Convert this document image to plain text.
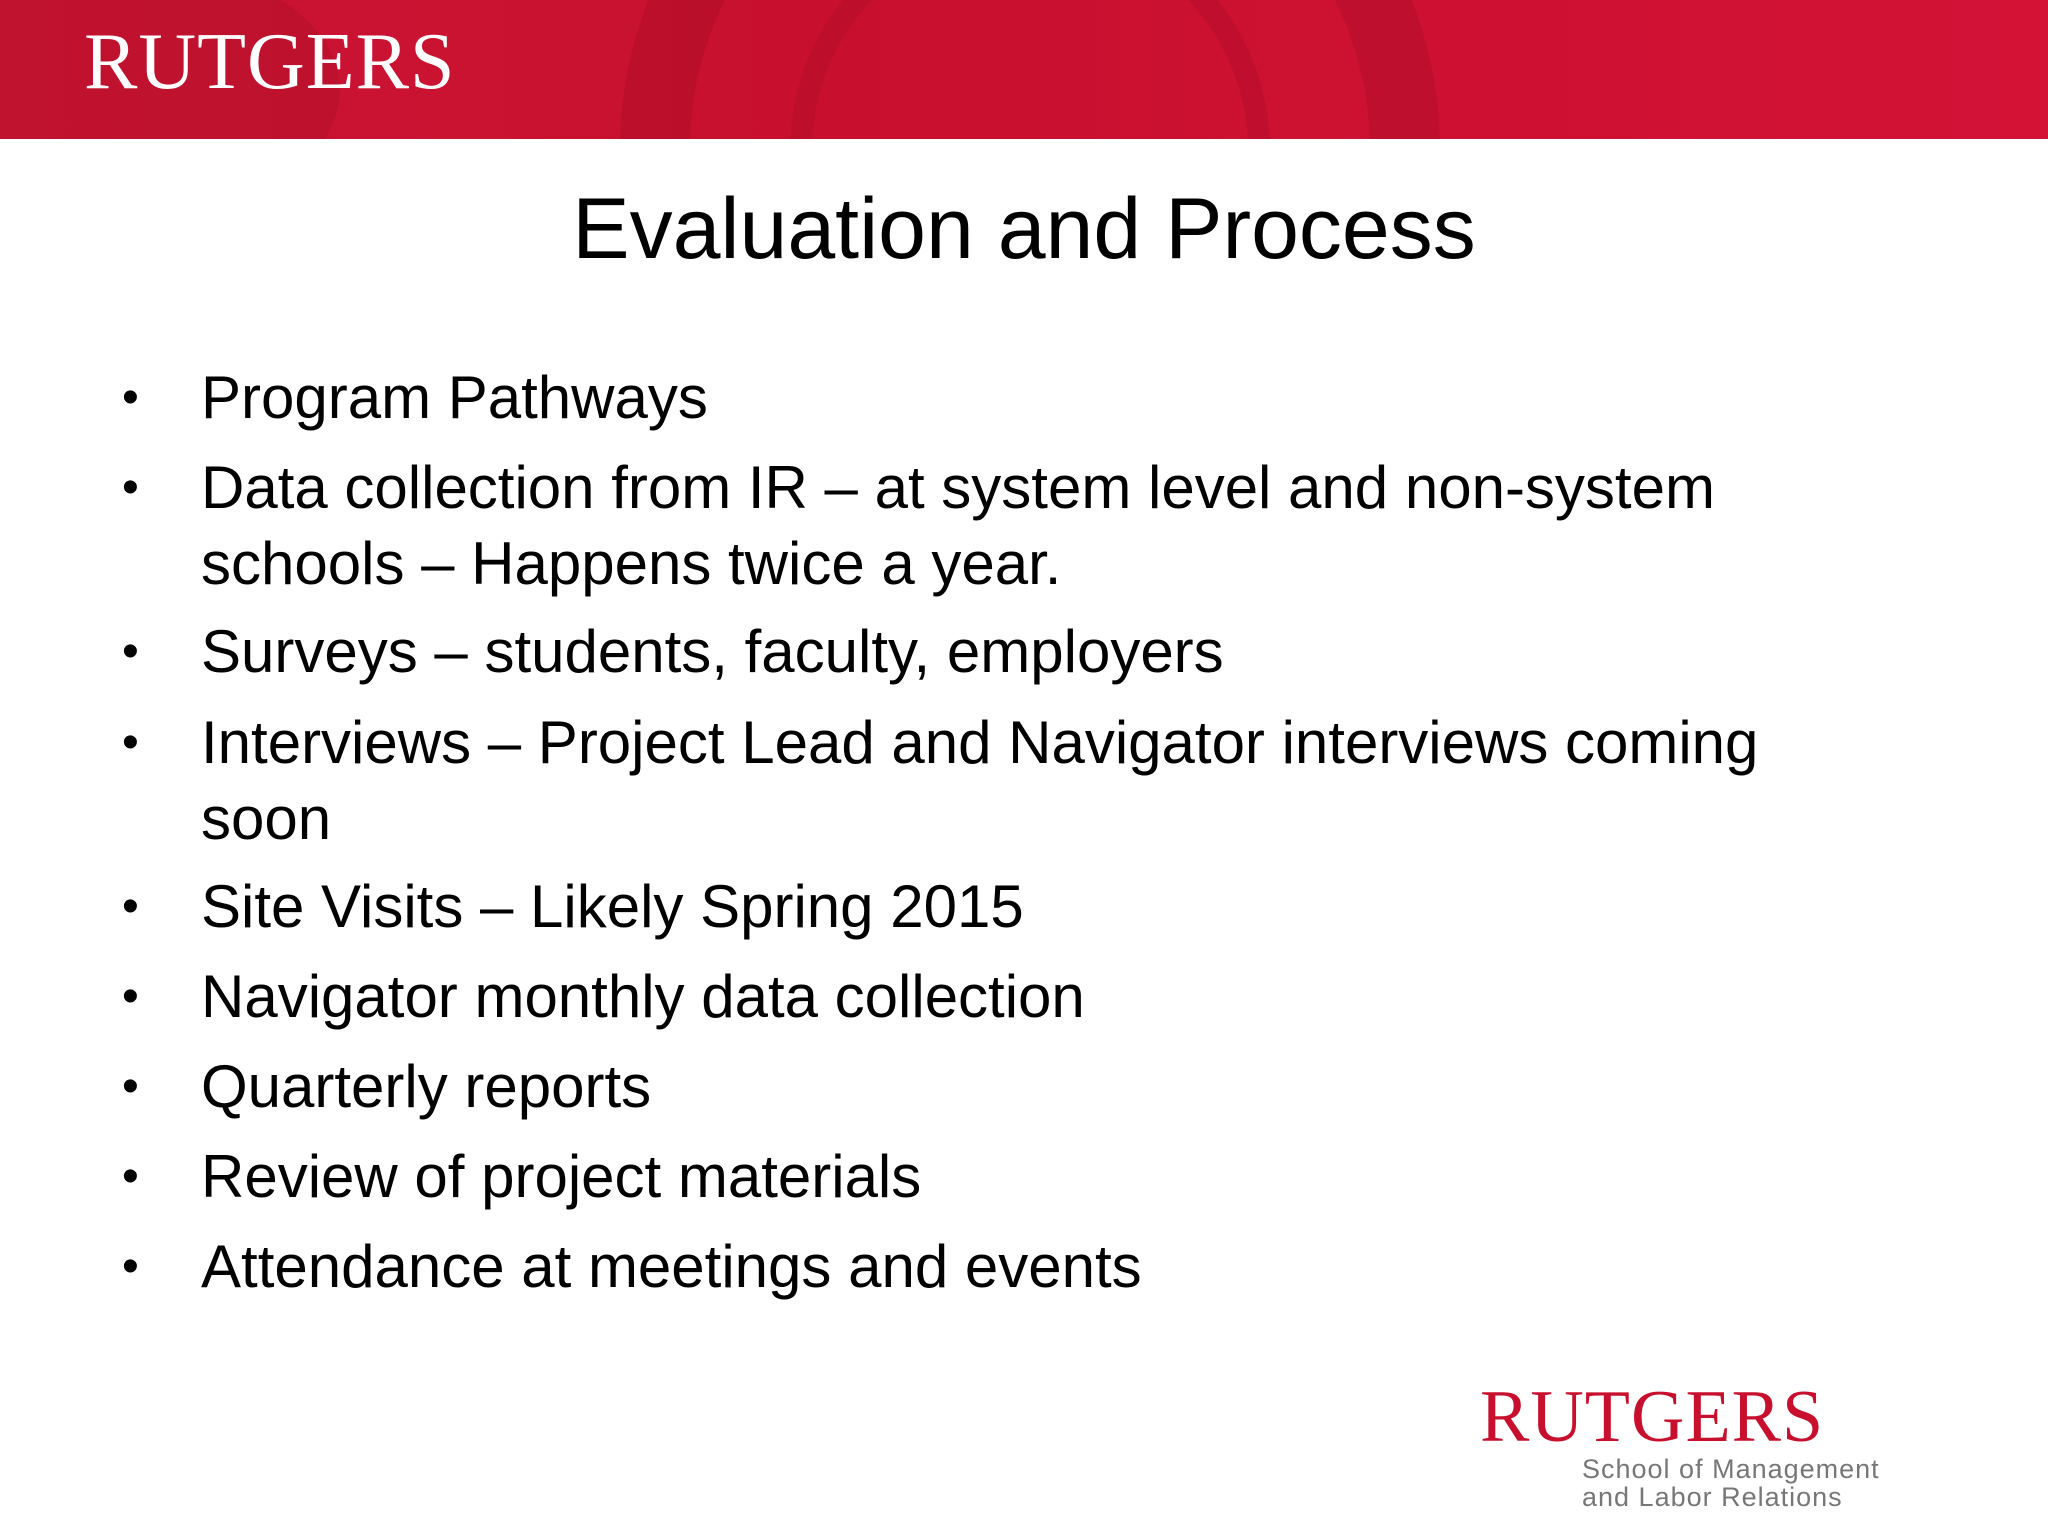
RUTGERS
Evaluation and Process
• Program Pathways
• Data collection from IR – at system level and non-system
schools – Happens twice a year.
• Surveys – students, faculty, employers
• Interviews – Project Lead and Navigator interviews coming
soon
• Site Visits – Likely Spring 2015
• Navigator monthly data collection
• Quarterly reports
• Review of project materials
• Attendance at meetings and events
RUTGERS
School of Management
and Labor Relations
